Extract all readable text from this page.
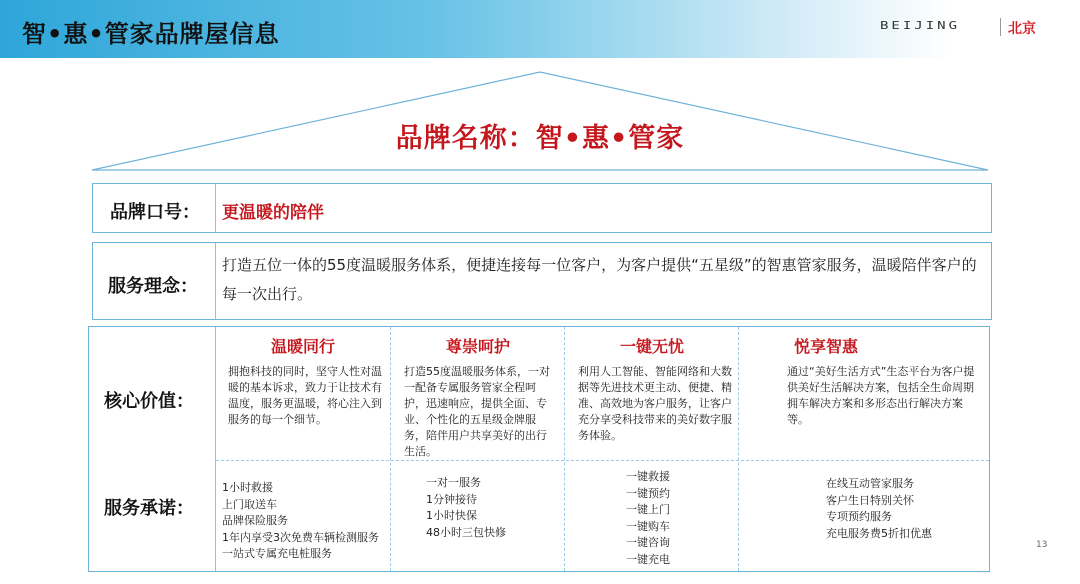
智•惠•管家品牌屋信息	BEIJING	北京
品牌名称：智•惠•管家
品牌口号： 更温暖的陪伴
服务理念：
打造五位一体的55度温暖服务体系，便捷连接每一位客户，为客户提供“五星级”的智惠管家服务，温暖陪伴客户的每一次出行。
核心价值：
服务承诺：
温暖同行
拥抱科技的同时，坚守人性对温暖的基本诉求，致力于让技术有温度，服务更温暖，将心注入到服务的每一个细节。
尊崇呵护
打造55度温暖服务体系，一对一配备专属服务管家全程呵护，迅速响应，提供全面、专业、个性化的五星级金牌服务，陪伴用户共享美好的出行生活。
一键无忧
利用人工智能、智能网络和大数据等先进技术更主动、便捷、精准、高效地为客户服务，让客户充分享受科技带来的美好数字服务体验。
悦享智惠
通过“美好生活方式”生态平台为客户提供美好生活解决方案，包括全生命周期拥车解决方案和多形态出行解决方案等。
1小时救援
上门取送车
品牌保险服务
1年内享受3次免费车辆检测服务
一站式专属充电桩服务
一对一服务
1分钟接待
1小时快保
48小时三包快修
一键救援
一键预约
一键上门
一键购车
一键咨询
一键充电
在线互动管家服务
客户生日特别关怀
专项预约服务
充电服务费5折扣优惠
13
